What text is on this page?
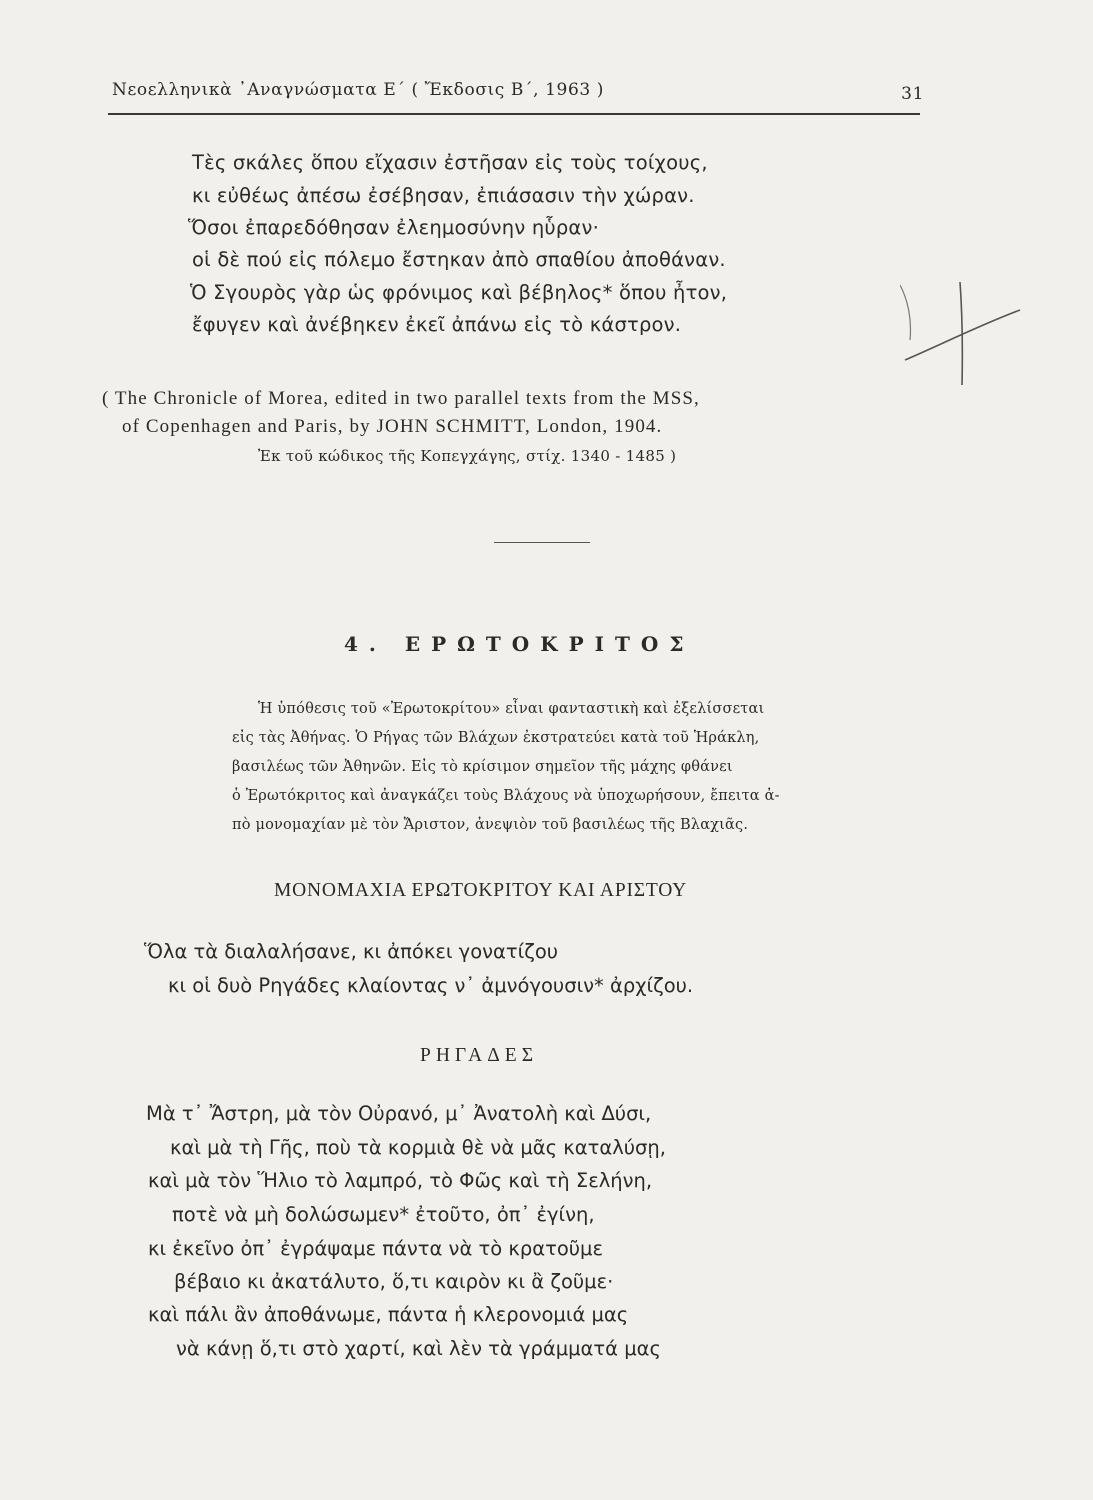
Νεοελληνικὰ ᾿Αναγνώσματα Ε΄ ( Ἔκδοσις Β΄, 1963 )	31
Τὲς σκάλες ὅπου εἴχασιν ἐστῆσαν εἰς τοὺς τοίχους,
κι εὐθέως ἀπέσω ἐσέβησαν, ἐπιάσασιν τὴν χώραν.
Ὅσοι ἐπαρεδόθησαν ἐλεημοσύνην ηὗραν·
οἱ δὲ πού εἰς πόλεμο ἔστηκαν ἀπὸ σπαθίου ἀποθάναν.
Ὁ Σγουρὸς γὰρ ὡς φρόνιμος καὶ βέβηλος* ὅπου ἦτον,
ἔφυγεν καὶ ἀνέβηκεν ἐκεῖ ἀπάνω εἰς τὸ κάστρον.
( The Chronicle of Morea, edited in two parallel texts from the MSS,
of Copenhagen and Paris, by JOHN SCHMITT, London, 1904.
Ἐκ τοῦ κώδικος τῆς Κοπεγχάγης, στίχ. 1340 - 1485 )
4. ΕΡΩΤΟΚΡΙΤΟΣ
Ἡ ὑπόθεσις τοῦ «Ἐρωτοκρίτου» εἶναι φανταστικὴ καὶ ἐξελίσσεται
εἰς τὰς Ἀθήνας. Ὁ Ρήγας τῶν Βλάχων ἐκστρατεύει κατὰ τοῦ Ἡράκλη,
βασιλέως τῶν Ἀθηνῶν. Εἰς τὸ κρίσιμον σημεῖον τῆς μάχης φθάνει
ὁ Ἐρωτόκριτος καὶ ἀναγκάζει τοὺς Βλάχους νὰ ὑποχωρήσουν, ἔπειτα ἀ-
πὸ μονομαχίαν μὲ τὸν Ἄριστον, ἀνεψιὸν τοῦ βασιλέως τῆς Βλαχιᾶς.
ΜΟΝΟΜΑΧΙΑ ΕΡΩΤΟΚΡΙΤΟΥ ΚΑΙ ΑΡΙΣΤΟΥ
Ὅλα τὰ διαλαλήσανε, κι ἀπόκει γονατίζου
κι οἱ δυὸ Ρηγάδες κλαίοντας ν᾿ ἀμνόγουσιν* ἀρχίζου.
ΡΗΓΑΔΕΣ
Μὰ τ᾿ Ἄστρη, μὰ τὸν Οὐρανό, μ᾿ Ἀνατολὴ καὶ Δύσι,
καὶ μὰ τὴ Γῆς, ποὺ τὰ κορμιὰ θὲ νὰ μᾶς καταλύσῃ,
καὶ μὰ τὸν Ἥλιο τὸ λαμπρό, τὸ Φῶς καὶ τὴ Σελήνη,
ποτὲ νὰ μὴ δολώσωμεν* ἐτοῦτο, ὀπ᾿ ἐγίνη,
κι ἐκεῖνο ὀπ᾿ ἐγράψαμε πάντα νὰ τὸ κρατοῦμε
βέβαιο κι ἀκατάλυτο, ὅ,τι καιρὸν κι ἂ ζοῦμε·
καὶ πάλι ἂν ἀποθάνωμε, πάντα ἡ κλερονομιά μας
νὰ κάνῃ ὅ,τι στὸ χαρτί, καὶ λὲν τὰ γράμματά μας
